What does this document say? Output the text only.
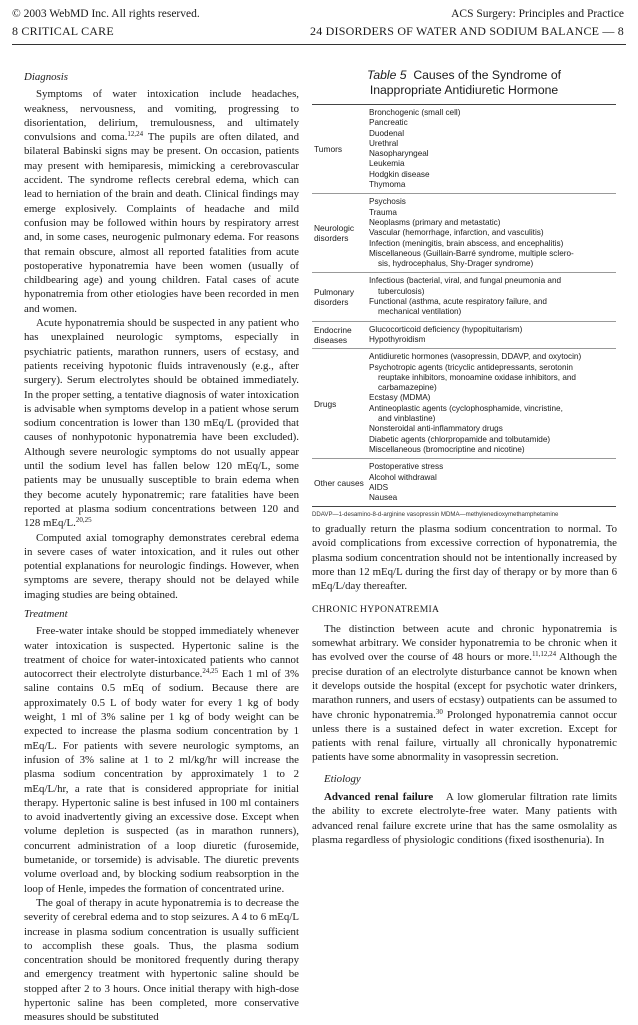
© 2003 WebMD Inc. All rights reserved.	ACS Surgery: Principles and Practice
8 CRITICAL CARE	24 DISORDERS OF WATER AND SODIUM BALANCE — 8

Diagnosis

Symptoms of water intoxication include headaches, weakness, nervousness, and vomiting, progressing to disorientation, delirium, tremulousness, and ultimately convulsions and coma.$^{12,24}$ The pupils are often dilated, and bilateral Babinski signs may be present. On occasion, patients may present with hemiparesis, mimicking a cerebrovascular accident. The syndrome reflects cerebral edema, which can lead to herniation of the brain and death. Clinical findings may emerge explosively. Complaints of headache and mild confusion may be followed within hours by respiratory arrest and, in some cases, neurogenic pulmonary edema. For reasons that remain obscure, almost all reported fatalities from acute postoperative hyponatremia have been women (usually of childbearing age) and young children. Fatal cases of acute hyponatremia from other etiologies have been recorded in men and women.

Acute hyponatremia should be suspected in any patient who has unexplained neurologic symptoms, especially in psychiatric patients, marathon runners, users of ecstasy, and patients receiving hypotonic fluids intravenously (e.g., after surgery). Serum electrolytes should be obtained immediately. In the proper setting, a tentative diagnosis of water intoxication is advisable when symptoms develop in a patient whose serum sodium concentration is lower than 130 mEq/L (provided that causes of nonhypotonic hyponatremia have been excluded). Although severe neurologic symptoms do not usually appear until the sodium level has fallen below 120 mEq/L, some patients may be unusually susceptible to brain edema when they become acutely hyponatremic; rare fatalities have been reported at plasma sodium concentrations between 120 and 128 mEq/L.$^{20,25}$

Computed axial tomography demonstrates cerebral edema in severe cases of water intoxication, and it rules out other potential explanations for neurologic findings. However, when symptoms are severe, therapy should not be delayed while imaging studies are being obtained.

Treatment

Free-water intake should be stopped immediately whenever water intoxication is suspected. Hypertonic saline is the treatment of choice for water-intoxicated patients who cannot autocorrect their electrolyte disturbance.$^{24,25}$ Each 1 ml of 3% saline contains 0.5 mEq of sodium. Because there are approximately 0.5 L of body water for every 1 kg of body weight, 1 ml of 3% saline per 1 kg of body weight can be expected to increase the plasma sodium concentration by 1 mEq/L. For patients with severe neurologic symptoms, an infusion of 3% saline at 1 to 2 ml/kg/hr will increase the plasma sodium concentration by approximately 1 to 2 mEq/L/hr, a rate that is considered appropriate for initial therapy. Hypertonic saline is best infused in 100 ml containers to avoid inadvertently giving an excessive dose. Except when volume depletion is suspected (as in marathon runners), concurrent administration of a loop diuretic (furosemide, bumetanide, or torsemide) is advisable. The diuretic prevents volume overload and, by blocking sodium reabsorption in the loop of Henle, impedes the formation of concentrated urine.

The goal of therapy in acute hyponatremia is to decrease the severity of cerebral edema and to stop seizures. A 4 to 6 mEq/L increase in plasma sodium concentration is usually sufficient to accomplish these goals. Thus, the plasma sodium concentration should be monitored frequently during therapy and emergency treatment with hypertonic saline should be stopped after 2 to 3 hours. Once initial therapy with high-dose hypertonic saline has been completed, more conservative measures should be substituted

Table 5 Causes of the Syndrome of
Inappropriate Antidiuretic Hormone
Tumors
Bronchogenic (small cell)
Pancreatic
Duodenal
Urethral
Nasopharyngeal
Leukemia
Hodgkin disease
Thymoma
Neurologic disorders
Psychosis
Trauma
Neoplasms (primary and metastatic)
Vascular (hemorrhage, infarction, and vasculitis)
Infection (meningitis, brain abscess, and encephalitis)
Miscellaneous (Guillain-Barré syndrome, multiple sclero-
sis, hydrocephalus, Shy-Drager syndrome)
Pulmonary disorders
Infectious (bacterial, viral, and fungal pneumonia and
tuberculosis)
Functional (asthma, acute respiratory failure, and
mechanical ventilation)
Endocrine diseases
Glucocorticoid deficiency (hypopituitarism)
Hypothyroidism
Drugs
Antidiuretic hormones (vasopressin, DDAVP, and oxytocin)
Psychotropic agents (tricyclic antidepressants, serotonin
reuptake inhibitors, monoamine oxidase inhibitors, and carbamazepine)
Ecstasy (MDMA)
Antineoplastic agents (cyclophosphamide, vincristine,
and vinblastine)
Nonsteroidal anti-inflammatory drugs
Diabetic agents (chlorpropamide and tolbutamide)
Miscellaneous (bromocriptine and nicotine)
Other causes
Postoperative stress
Alcohol withdrawal
AIDS
Nausea
DDAVP—1-desamino-8-d-arginine vasopressin MDMA—methylenedioxymethamphetamine

to gradually return the plasma sodium concentration to normal. To avoid complications from excessive correction of hyponatremia, the plasma sodium concentration should not be intentionally increased by more than 12 mEq/L during the first day of therapy or by more than 6 mEq/L/day thereafter.

CHRONIC HYPONATREMIA

The distinction between acute and chronic hyponatremia is somewhat arbitrary. We consider hyponatremia to be chronic when it has evolved over the course of 48 hours or more.$^{11,12,24}$ Although the precise duration of an electrolyte disturbance cannot be known when it develops outside the hospital (except for psychotic water drinkers, marathon runners, and users of ecstasy) outpatients can be assumed to have chronic hyponatremia.$^{30}$ Prolonged hyponatremia cannot occur unless there is a sustained defect in water excretion. Except for patients with renal failure, virtually all chronically hyponatremic patients have some abnormality in vasopressin secretion.

Etiology

Advanced renal failure A low glomerular filtration rate limits the ability to excrete electrolyte-free water. Many patients with advanced renal failure excrete urine that has the same osmolality as plasma regardless of physiologic conditions (fixed isosthenuria). In
